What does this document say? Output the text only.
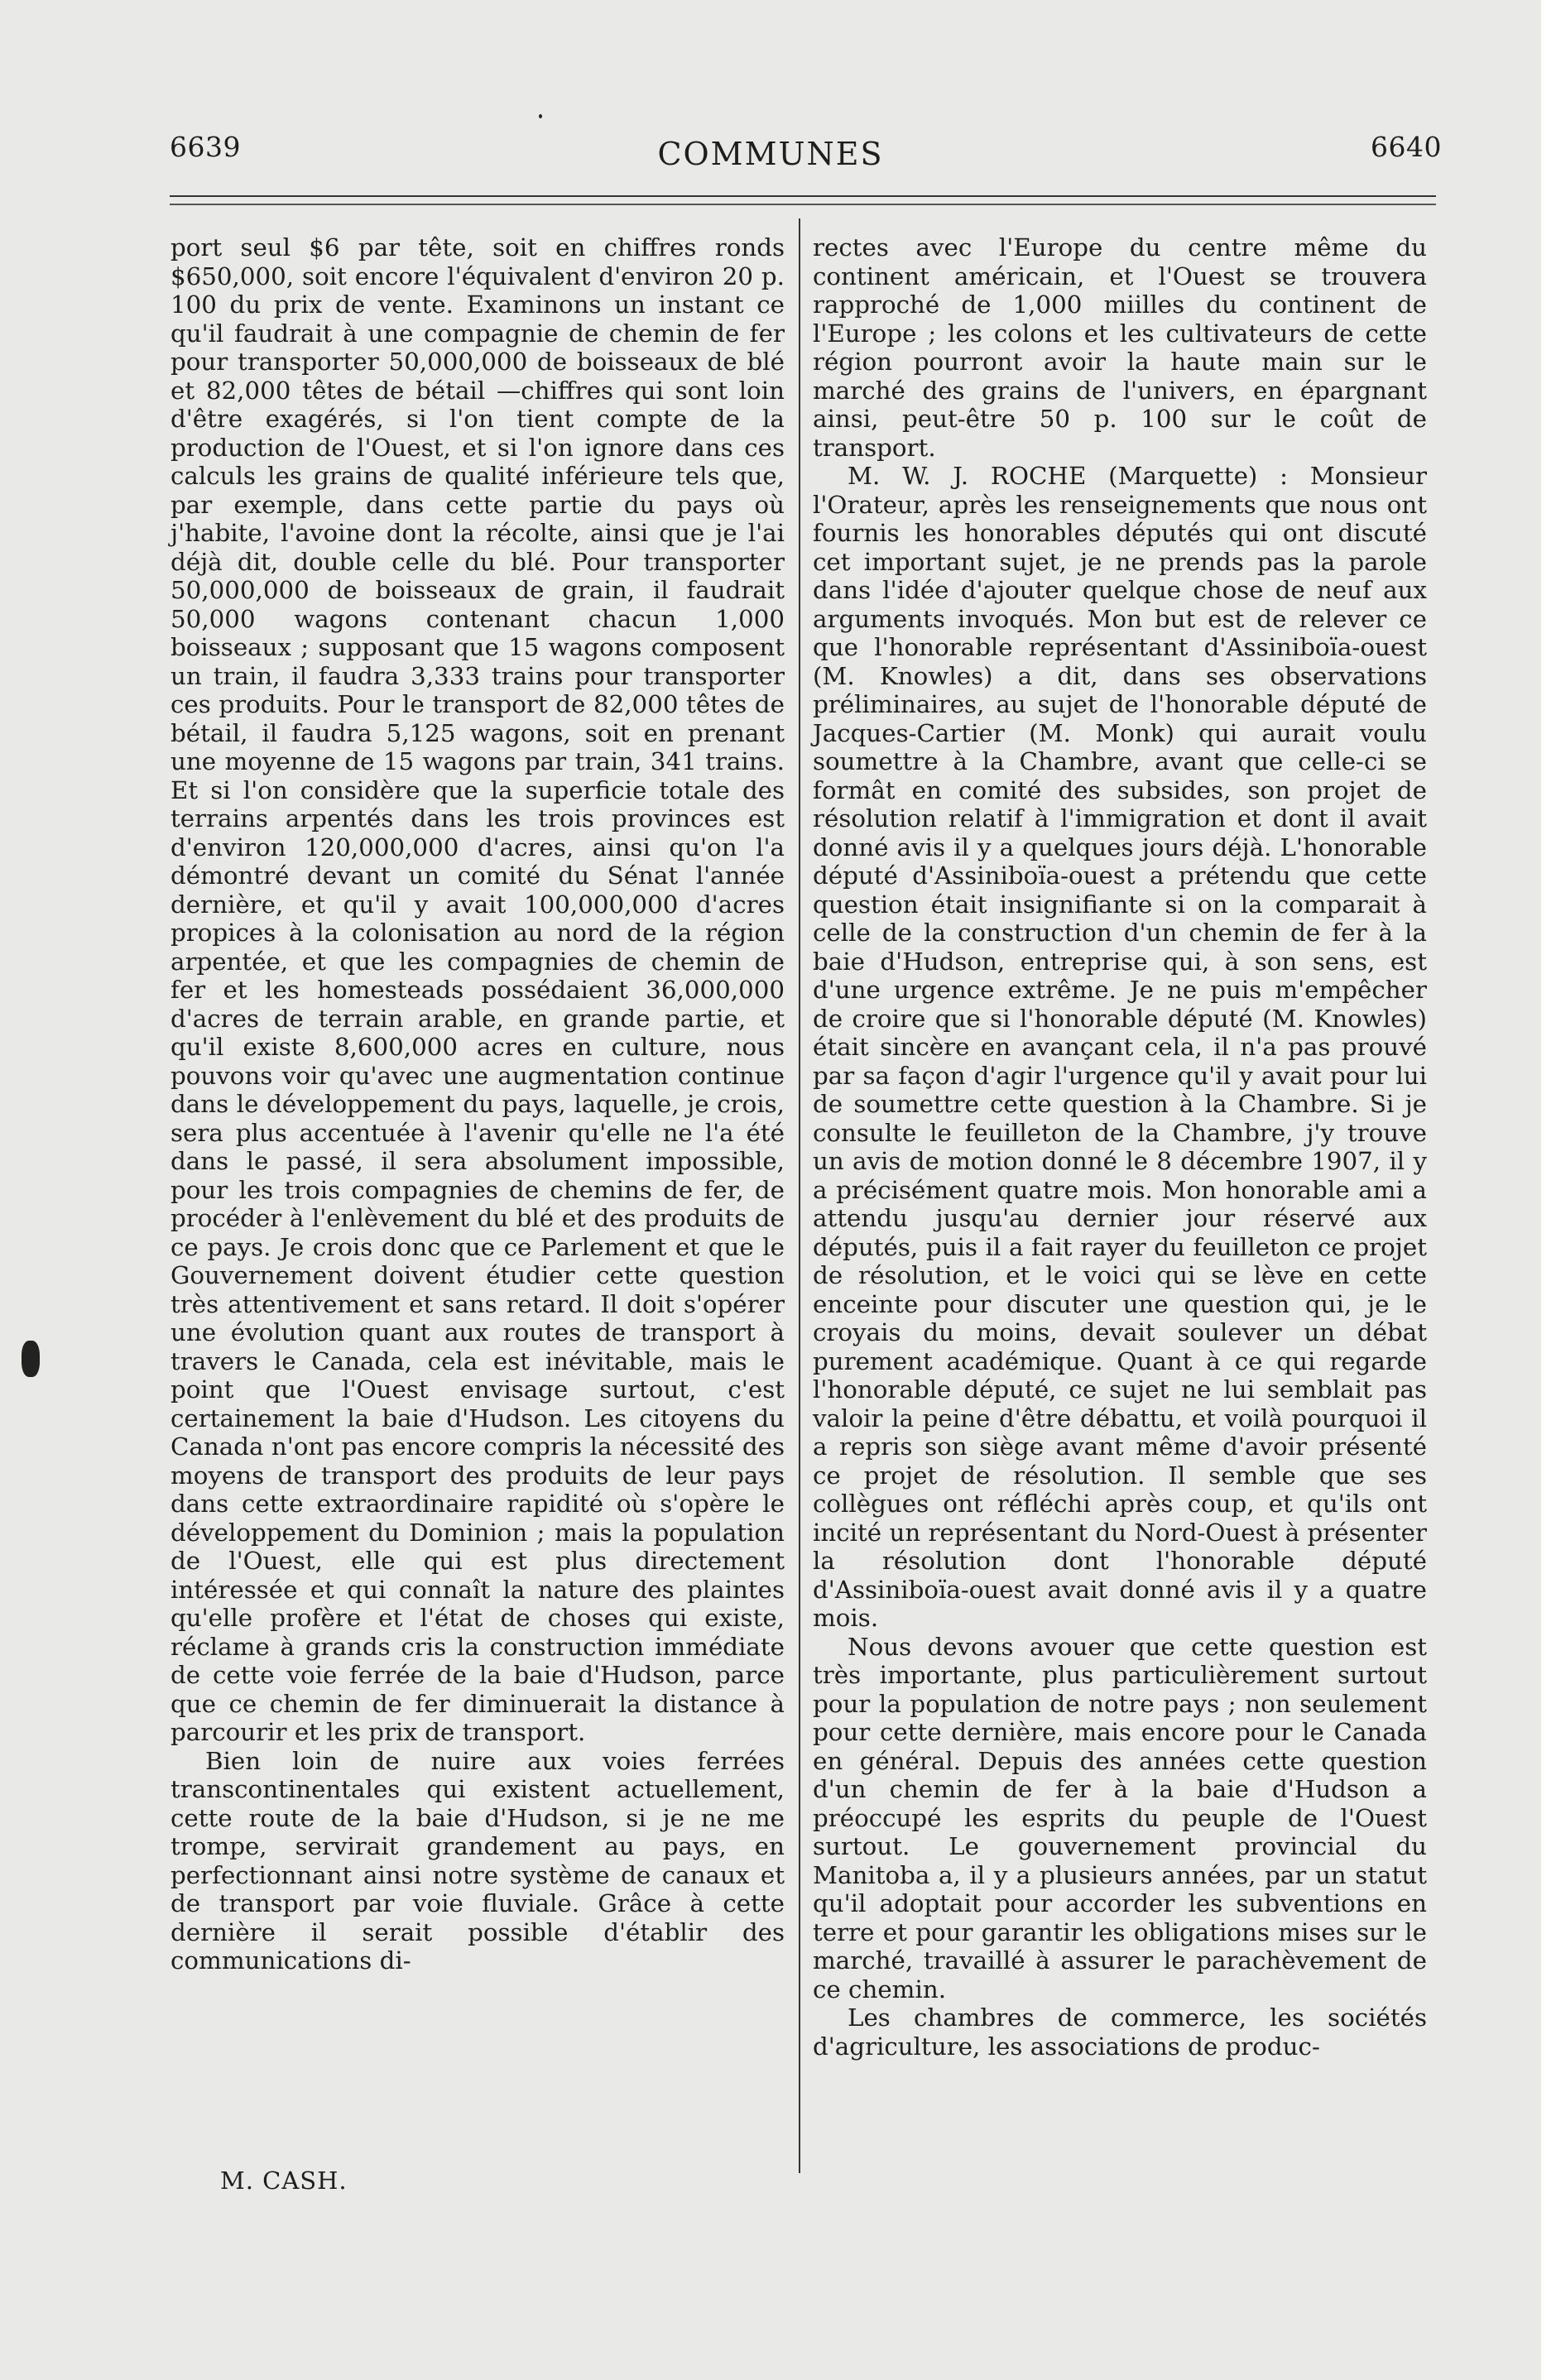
6639	COMMUNES	6640

port seul $6 par tête, soit en chiffres ronds $650,000, soit encore l'équivalent d'environ 20 p. 100 du prix de vente. Examinons un instant ce qu'il faudrait à une compagnie de chemin de fer pour transporter 50,000,000 de boisseaux de blé et 82,000 têtes de bétail —chiffres qui sont loin d'être exagérés, si l'on tient compte de la production de l'Ouest, et si l'on ignore dans ces calculs les grains de qualité inférieure tels que, par exemple, dans cette partie du pays où j'habite, l'avoine dont la récolte, ainsi que je l'ai déjà dit, double celle du blé. Pour transporter 50,000,000 de boisseaux de grain, il faudrait 50,000 wagons contenant chacun 1,000 boisseaux ; supposant que 15 wagons composent un train, il faudra 3,333 trains pour transporter ces produits. Pour le transport de 82,000 têtes de bétail, il faudra 5,125 wagons, soit en prenant une moyenne de 15 wagons par train, 341 trains. Et si l'on considère que la superficie totale des terrains arpentés dans les trois provinces est d'environ 120,000,000 d'acres, ainsi qu'on l'a démontré devant un comité du Sénat l'année dernière, et qu'il y avait 100,000,000 d'acres propices à la colonisation au nord de la région arpentée, et que les compagnies de chemin de fer et les homesteads possédaient 36,000,000 d'acres de terrain arable, en grande partie, et qu'il existe 8,600,000 acres en culture, nous pouvons voir qu'avec une augmentation continue dans le développement du pays, laquelle, je crois, sera plus accentuée à l'avenir qu'elle ne l'a été dans le passé, il sera absolument impossible, pour les trois compagnies de chemins de fer, de procéder à l'enlèvement du blé et des produits de ce pays. Je crois donc que ce Parlement et que le Gouvernement doivent étudier cette question très attentivement et sans retard. Il doit s'opérer une évolution quant aux routes de transport à travers le Canada, cela est inévitable, mais le point que l'Ouest envisage surtout, c'est certainement la baie d'Hudson. Les citoyens du Canada n'ont pas encore compris la nécessité des moyens de transport des produits de leur pays dans cette extraordinaire rapidité où s'opère le développement du Dominion ; mais la population de l'Ouest, elle qui est plus directement intéressée et qui connaît la nature des plaintes qu'elle profère et l'état de choses qui existe, réclame à grands cris la construction immédiate de cette voie ferrée de la baie d'Hudson, parce que ce chemin de fer diminuerait la distance à parcourir et les prix de transport.

Bien loin de nuire aux voies ferrées transcontinentales qui existent actuellement, cette route de la baie d'Hudson, si je ne me trompe, servirait grandement au pays, en perfectionnant ainsi notre système de canaux et de transport par voie fluviale. Grâce à cette dernière il serait possible d'établir des communications di-

rectes avec l'Europe du centre même du continent américain, et l'Ouest se trouvera rapproché de 1,000 miilles du continent de l'Europe ; les colons et les cultivateurs de cette région pourront avoir la haute main sur le marché des grains de l'univers, en épargnant ainsi, peut-être 50 p. 100 sur le coût de transport.

M. W. J. ROCHE (Marquette) : Monsieur l'Orateur, après les renseignements que nous ont fournis les honorables députés qui ont discuté cet important sujet, je ne prends pas la parole dans l'idée d'ajouter quelque chose de neuf aux arguments invoqués. Mon but est de relever ce que l'honorable représentant d'Assiniboïa-ouest (M. Knowles) a dit, dans ses observations préliminaires, au sujet de l'honorable député de Jacques-Cartier (M. Monk) qui aurait voulu soumettre à la Chambre, avant que celle-ci se formât en comité des subsides, son projet de résolution relatif à l'immigration et dont il avait donné avis il y a quelques jours déjà. L'honorable député d'Assiniboïa-ouest a prétendu que cette question était insignifiante si on la comparait à celle de la construction d'un chemin de fer à la baie d'Hudson, entreprise qui, à son sens, est d'une urgence extrême. Je ne puis m'empêcher de croire que si l'honorable député (M. Knowles) était sincère en avançant cela, il n'a pas prouvé par sa façon d'agir l'urgence qu'il y avait pour lui de soumettre cette question à la Chambre. Si je consulte le feuilleton de la Chambre, j'y trouve un avis de motion donné le 8 décembre 1907, il y a précisément quatre mois. Mon honorable ami a attendu jusqu'au dernier jour réservé aux députés, puis il a fait rayer du feuilleton ce projet de résolution, et le voici qui se lève en cette enceinte pour discuter une question qui, je le croyais du moins, devait soulever un débat purement académique. Quant à ce qui regarde l'honorable député, ce sujet ne lui semblait pas valoir la peine d'être débattu, et voilà pourquoi il a repris son siège avant même d'avoir présenté ce projet de résolution. Il semble que ses collègues ont réfléchi après coup, et qu'ils ont incité un représentant du Nord-Ouest à présenter la résolution dont l'honorable député d'Assiniboïa-ouest avait donné avis il y a quatre mois.

Nous devons avouer que cette question est très importante, plus particulièrement surtout pour la population de notre pays ; non seulement pour cette dernière, mais encore pour le Canada en général. Depuis des années cette question d'un chemin de fer à la baie d'Hudson a préoccupé les esprits du peuple de l'Ouest surtout. Le gouvernement provincial du Manitoba a, il y a plusieurs années, par un statut qu'il adoptait pour accorder les subventions en terre et pour garantir les obligations mises sur le marché, travaillé à assurer le parachèvement de ce chemin.

Les chambres de commerce, les sociétés d'agriculture, les associations de produc-

M. CASH.
